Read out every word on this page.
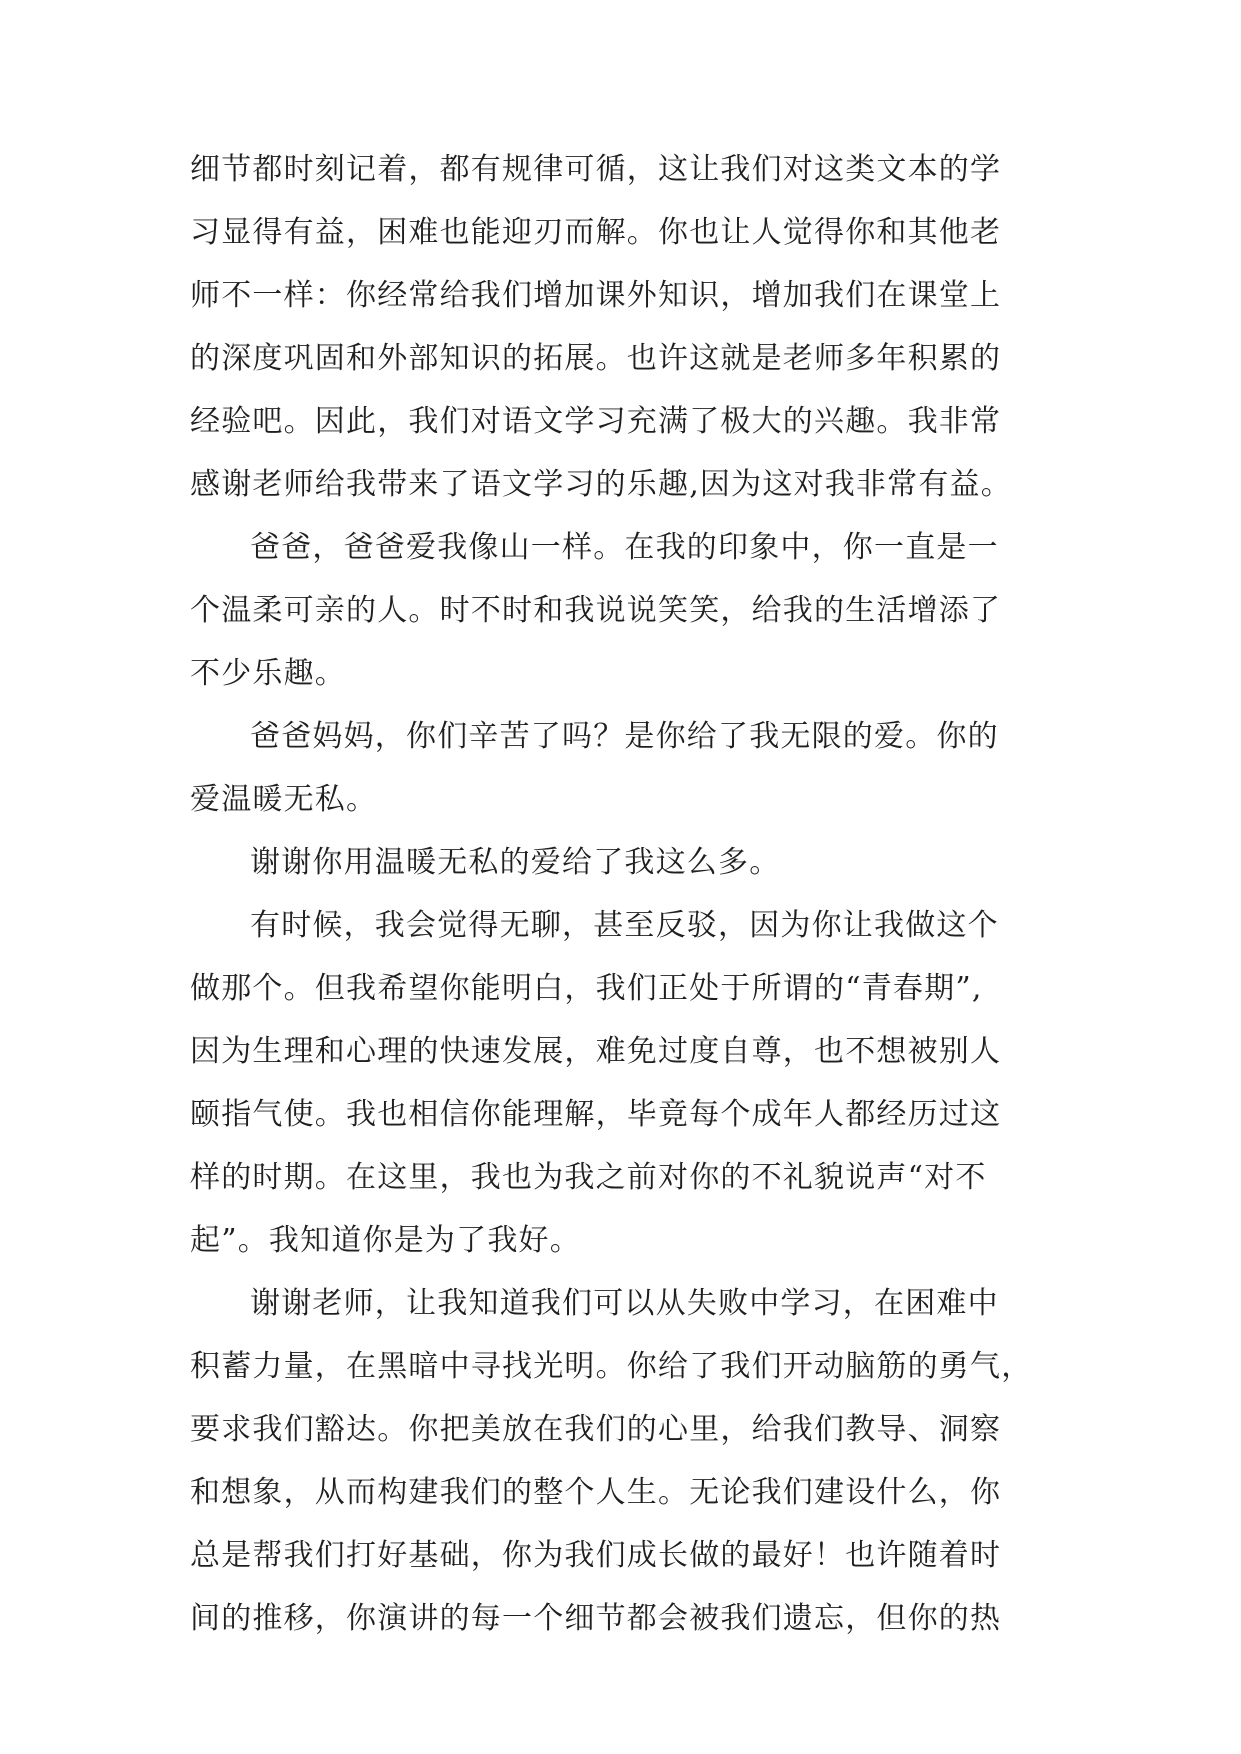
细节都时刻记着，都有规律可循，这让我们对这类文本的学
习显得有益，困难也能迎刃而解。你也让人觉得你和其他老
师不一样：你经常给我们增加课外知识，增加我们在课堂上
的深度巩固和外部知识的拓展。也许这就是老师多年积累的
经验吧。因此，我们对语文学习充满了极大的兴趣。我非常
感谢老师给我带来了语文学习的乐趣,因为这对我非常有益。
爸爸，爸爸爱我像山一样。在我的印象中，你一直是一
个温柔可亲的人。时不时和我说说笑笑，给我的生活增添了
不少乐趣。
爸爸妈妈，你们辛苦了吗？是你给了我无限的爱。你的
爱温暖无私。
谢谢你用温暖无私的爱给了我这么多。
有时候，我会觉得无聊，甚至反驳，因为你让我做这个
做那个。但我希望你能明白，我们正处于所谓的“青春期”,
因为生理和心理的快速发展，难免过度自尊，也不想被别人
颐指气使。我也相信你能理解，毕竟每个成年人都经历过这
样的时期。在这里，我也为我之前对你的不礼貌说声“对不
起”。我知道你是为了我好。
谢谢老师，让我知道我们可以从失败中学习，在困难中
积蓄力量，在黑暗中寻找光明。你给了我们开动脑筋的勇气，
要求我们豁达。你把美放在我们的心里，给我们教导、洞察
和想象，从而构建我们的整个人生。无论我们建设什么，你
总是帮我们打好基础，你为我们成长做的最好！也许随着时
间的推移，你演讲的每一个细节都会被我们遗忘，但你的热
